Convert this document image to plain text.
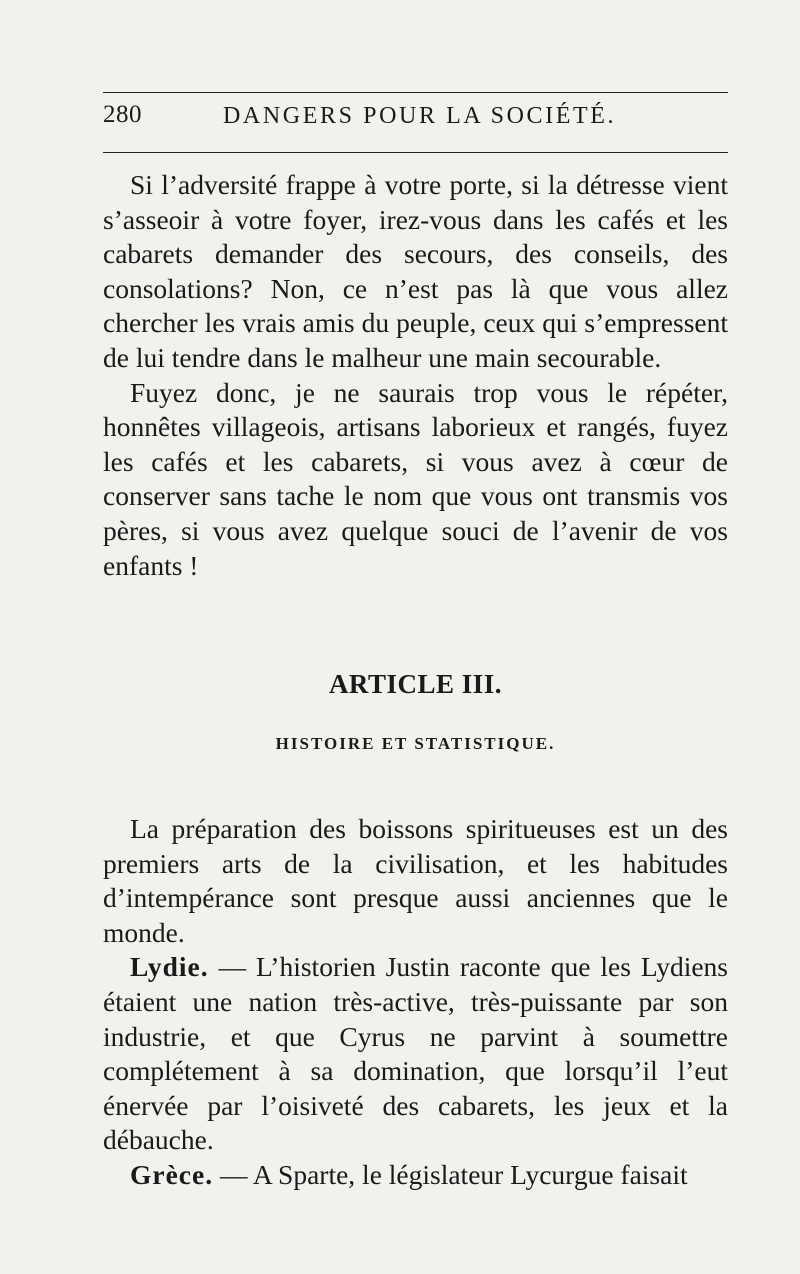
280	DANGERS POUR LA SOCIÉTÉ.

Si l’adversité frappe à votre porte, si la détresse vient s’asseoir à votre foyer, irez-vous dans les cafés et les cabarets demander des secours, des conseils, des consolations? Non, ce n’est pas là que vous allez chercher les vrais amis du peuple, ceux qui s’empressent de lui tendre dans le malheur une main secourable.

Fuyez donc, je ne saurais trop vous le répéter, honnêtes villageois, artisans laborieux et rangés, fuyez les cafés et les cabarets, si vous avez à cœur de conserver sans tache le nom que vous ont transmis vos pères, si vous avez quelque souci de l’avenir de vos enfants !

ARTICLE III.
HISTOIRE ET STATISTIQUE.

La préparation des boissons spiritueuses est un des premiers arts de la civilisation, et les habitudes d’intempérance sont presque aussi anciennes que le monde.

Lydie. — L’historien Justin raconte que les Lydiens étaient une nation très-active, très-puissante par son industrie, et que Cyrus ne parvint à soumettre complétement à sa domination, que lorsqu’il l’eut énervée par l’oisiveté des cabarets, les jeux et la débauche.

Grèce. — A Sparte, le législateur Lycurgue faisait
